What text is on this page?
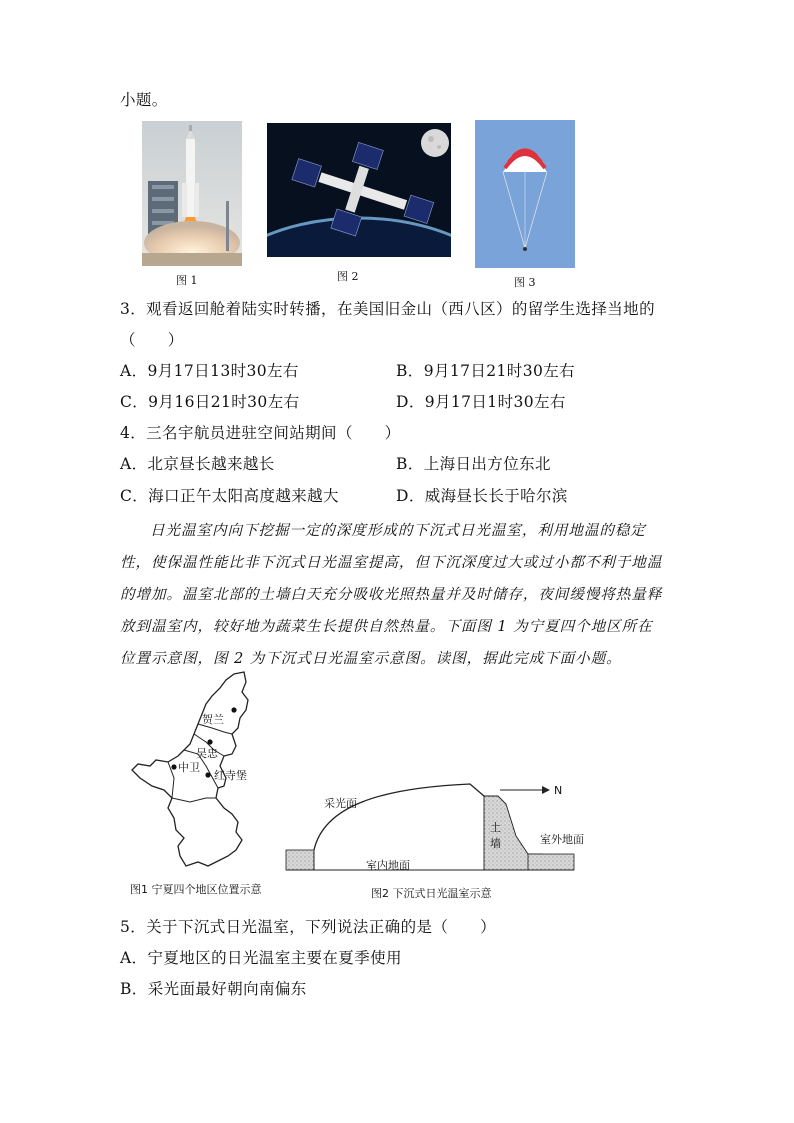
小题。
图 1	图 2	图 3
3．观看返回舱着陆实时转播，在美国旧金山（西八区）的留学生选择当地的
（　　）
A．9月17日13时30左右	B．9月17日21时30左右
C．9月16日21时30左右	D．9月17日1时30左右
4．三名宇航员进驻空间站期间（　　）
A．北京昼长越来越长	B．上海日出方位东北
C．海口正午太阳高度越来越大	D．威海昼长长于哈尔滨
日光温室内向下挖掘一定的深度形成的下沉式日光温室，利用地温的稳定性，使保温性能比非下沉式日光温室提高，但下沉深度过大或过小都不利于地温的增加。温室北部的土墙白天充分吸收光照热量并及时储存，夜间缓慢将热量释放到温室内，较好地为蔬菜生长提供自然热量。下面图 1 为宁夏四个地区所在位置示意图，图 2 为下沉式日光温室示意图。读图，据此完成下面小题。
贺兰
吴忠
中卫
红寺堡
图1 宁夏四个地区位置示意
采光面
土
墙	室外地面
室内地面
N
图2 下沉式日光温室示意
5．关于下沉式日光温室，下列说法正确的是（　　）
A．宁夏地区的日光温室主要在夏季使用
B．采光面最好朝向南偏东
